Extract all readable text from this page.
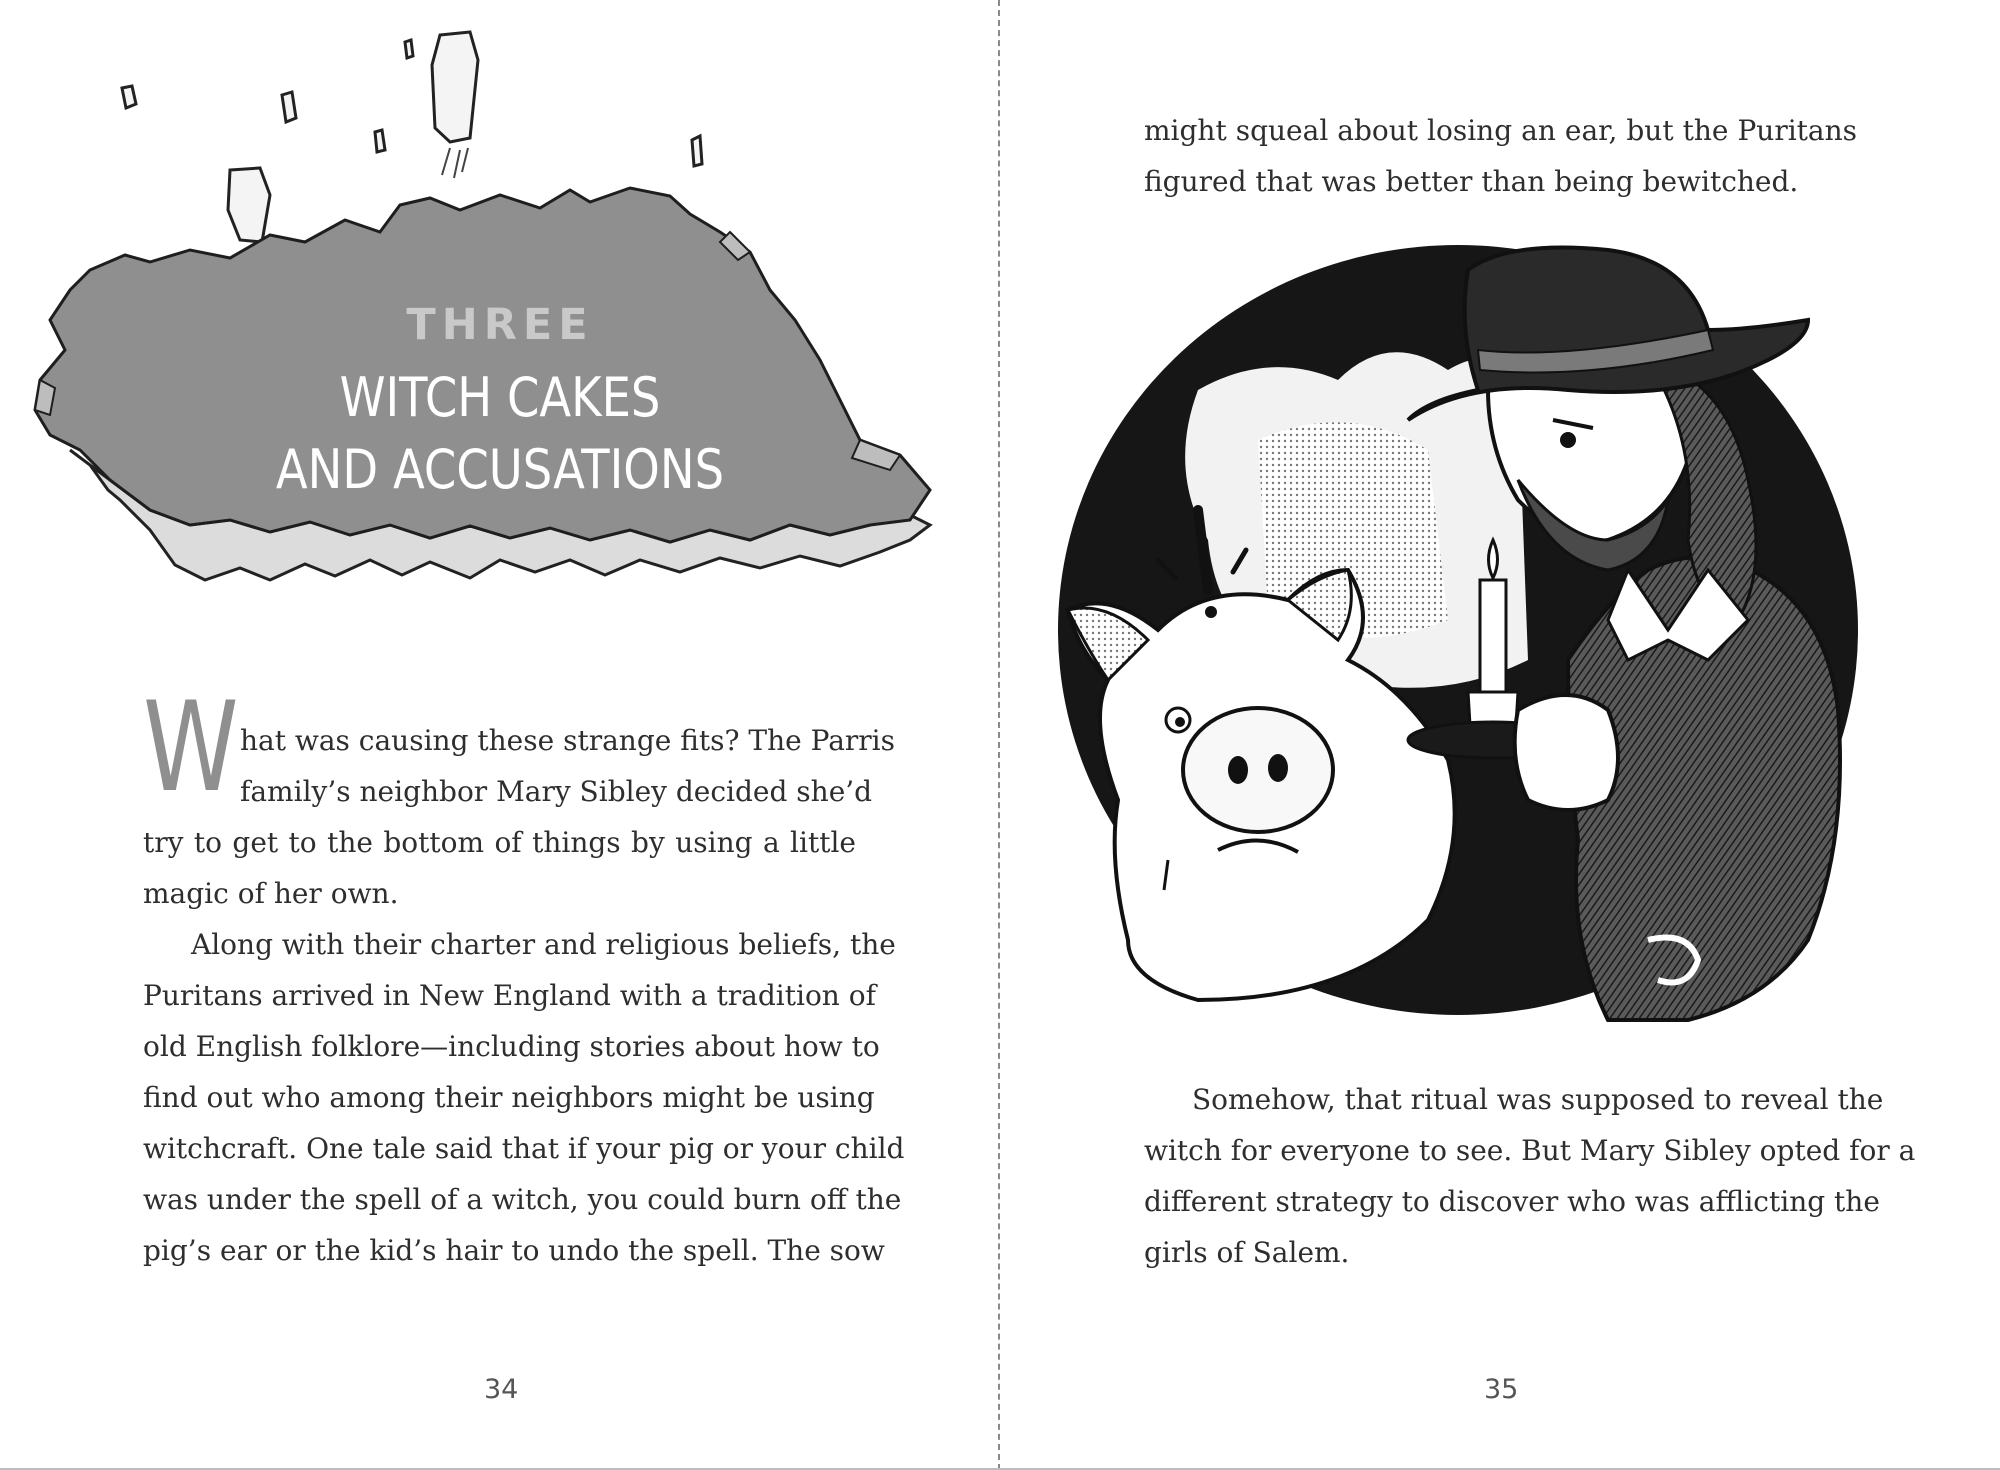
THREE
WITCH CAKES
AND ACCUSATIONS
W hat was causing these strange fits? The Parris
family’s neighbor Mary Sibley decided she’d
try to get to the bottom of things by using a little
magic of her own.
Along with their charter and religious beliefs, the
Puritans arrived in New England with a tradition of
old English folklore—including stories about how to
find out who among their neighbors might be using
witchcraft. One tale said that if your pig or your child
was under the spell of a witch, you could burn off the
pig’s ear or the kid’s hair to undo the spell. The sow
34
might squeal about losing an ear, but the Puritans
figured that was better than being bewitched.
Somehow, that ritual was supposed to reveal the
witch for everyone to see. But Mary Sibley opted for a
different strategy to discover who was afflicting the
girls of Salem.
35
